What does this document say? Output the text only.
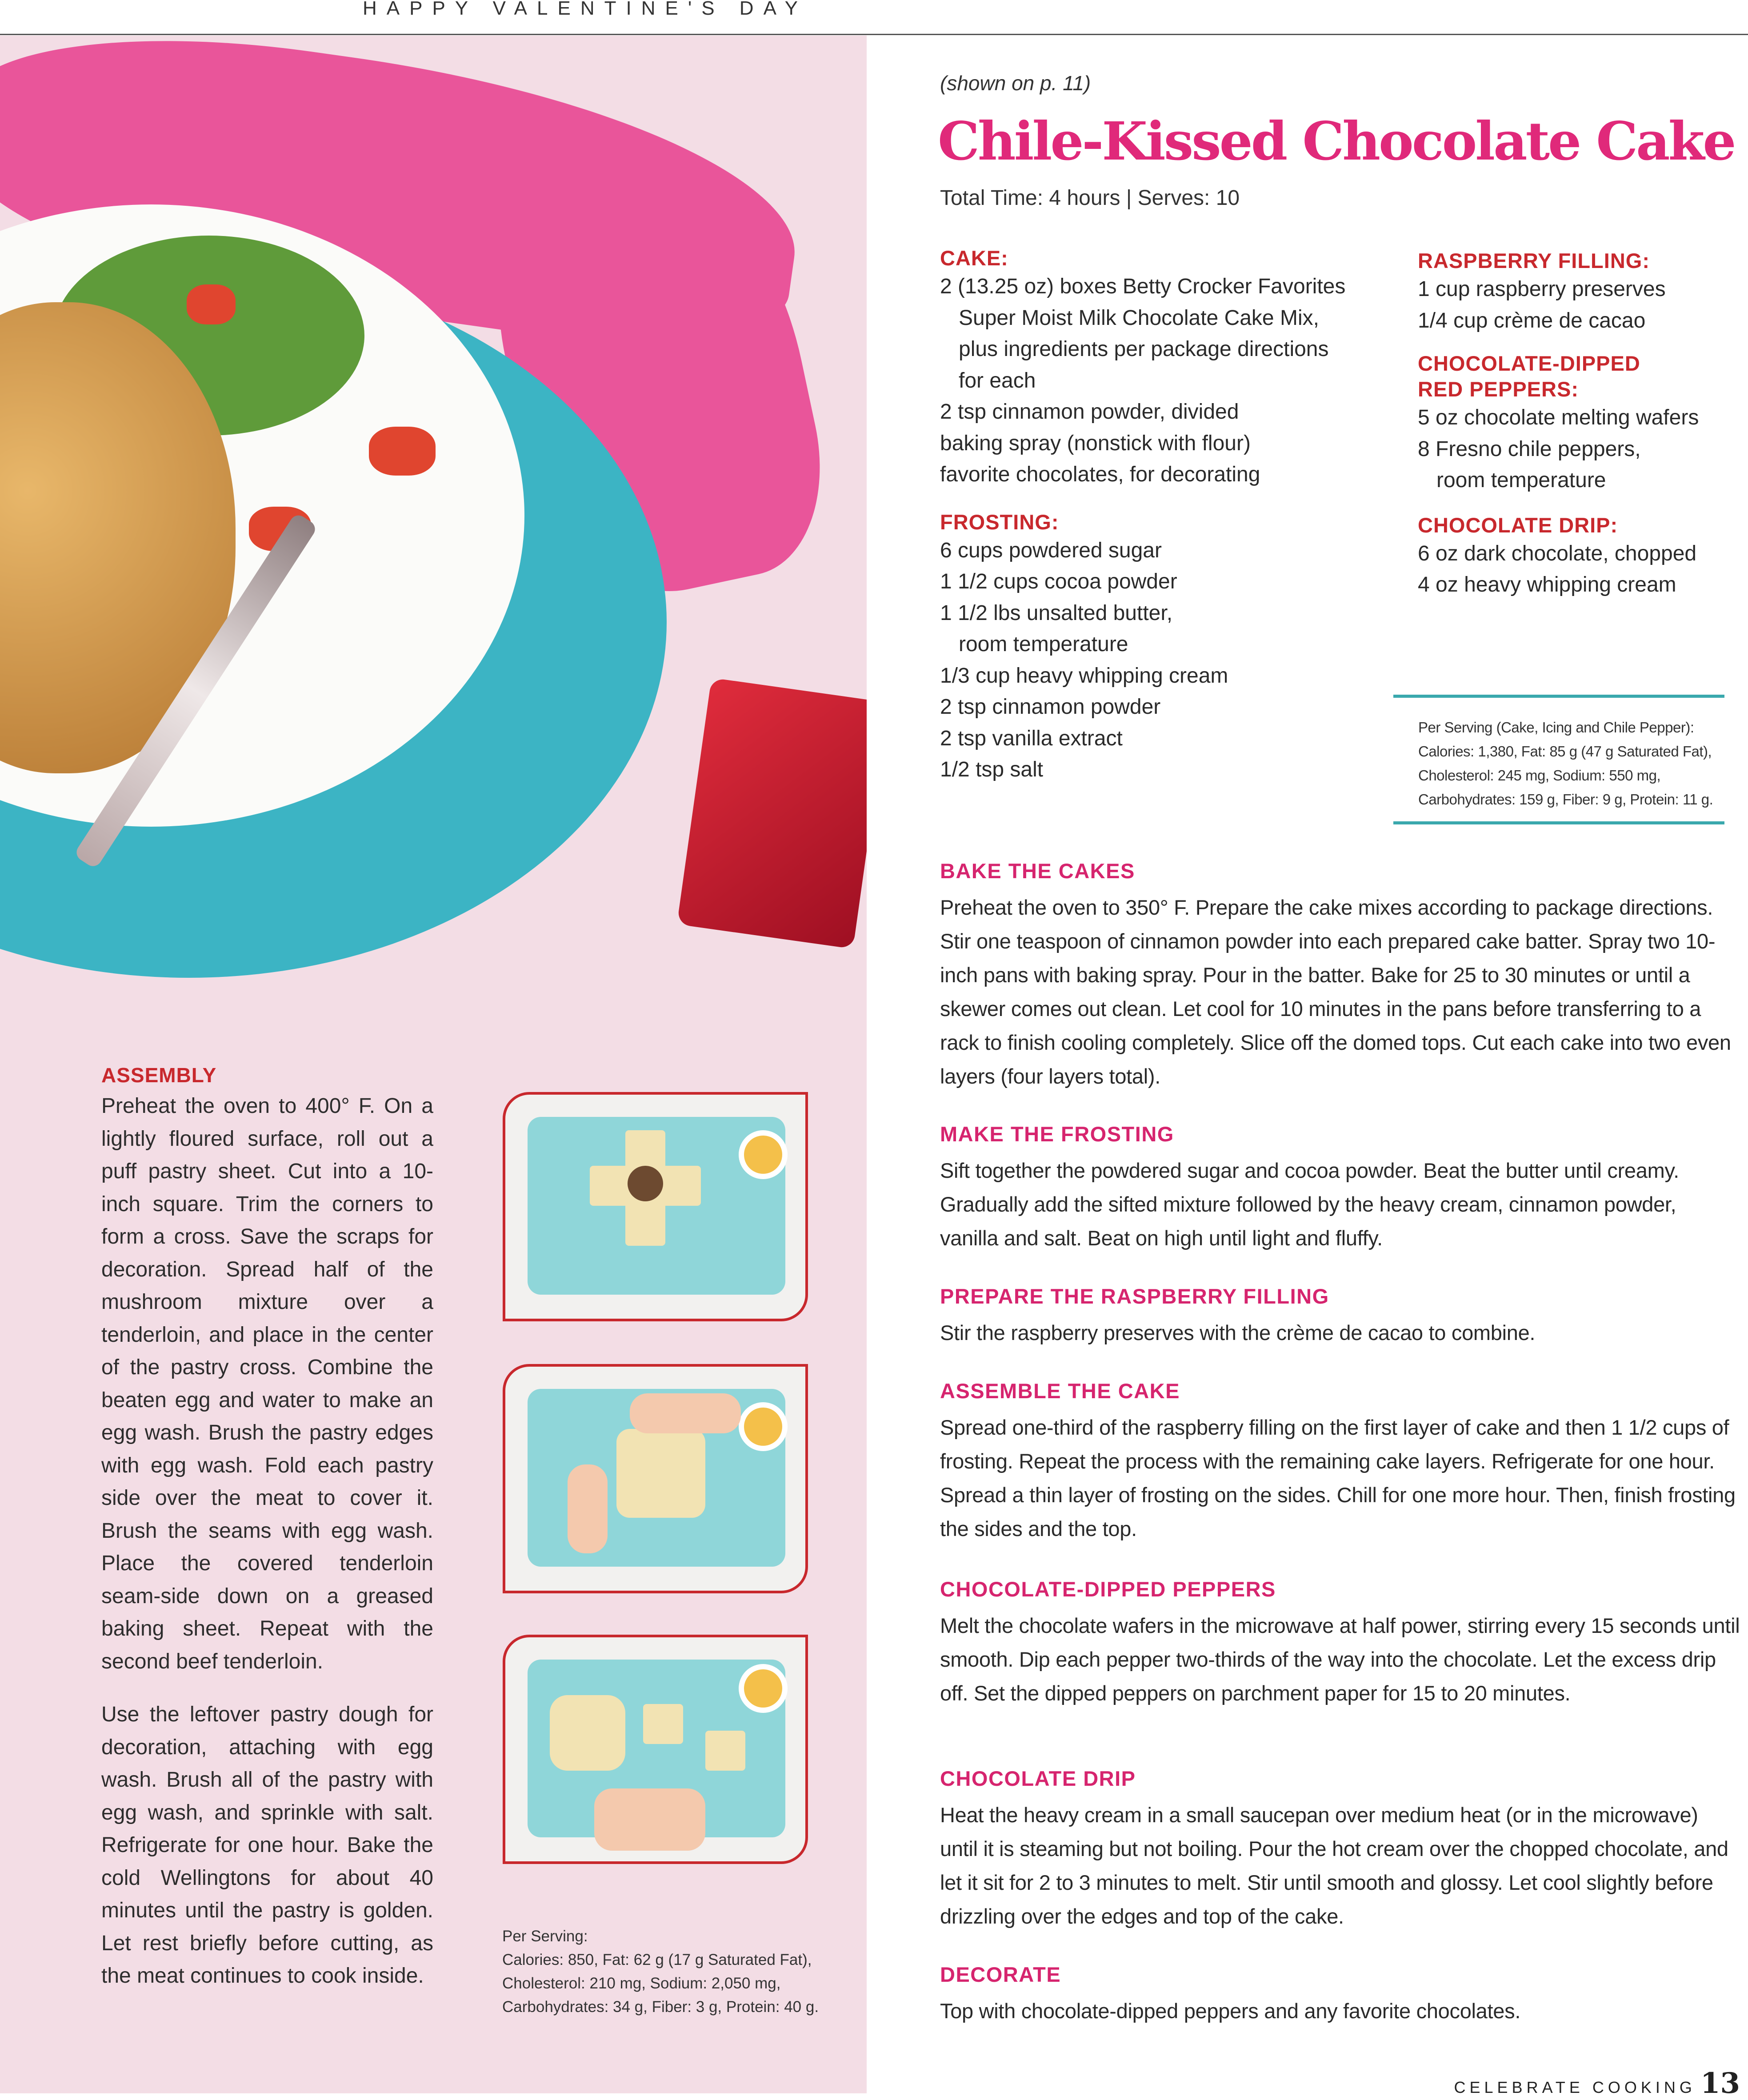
HAPPY VALENTINE'S DAY
ASSEMBLY

Preheat the oven to 400° F. On a lightly floured surface, roll out a puff pastry sheet. Cut into a 10-inch square. Trim the corners to form a cross. Save the scraps for decoration. Spread half of the mushroom mixture over a tenderloin, and place in the center of the pastry cross. Combine the beaten egg and water to make an egg wash. Brush the pastry edges with egg wash. Fold each pastry side over the meat to cover it. Brush the seams with egg wash. Place the covered tenderloin seam-side down on a greased baking sheet. Repeat with the second beef tenderloin.

Use the leftover pastry dough for decoration, attaching with egg wash. Brush all of the pastry with egg wash, and sprinkle with salt. Refrigerate for one hour. Bake the cold Wellingtons for about 40 minutes until the pastry is golden. Let rest briefly before cutting, as the meat continues to cook inside.

Per Serving:
Calories: 850, Fat: 62 g (17 g Saturated Fat),
Cholesterol: 210 mg, Sodium: 2,050 mg,
Carbohydrates: 34 g, Fiber: 3 g, Protein: 40 g.
(shown on p. 11)
Chile-Kissed Chocolate Cake
Total Time: 4 hours | Serves: 10
CAKE:
2 (13.25 oz) boxes Betty Crocker Favorites Super Moist Milk Chocolate Cake Mix, plus ingredients per package directions for each
2 tsp cinnamon powder, divided
baking spray (nonstick with flour)
favorite chocolates, for decorating
FROSTING:
6 cups powdered sugar
1 1/2 cups cocoa powder
1 1/2 lbs unsalted butter, room temperature
1/3 cup heavy whipping cream
2 tsp cinnamon powder
2 tsp vanilla extract
1/2 tsp salt
RASPBERRY FILLING:
1 cup raspberry preserves
1/4 cup crème de cacao
CHOCOLATE-DIPPED RED PEPPERS:
5 oz chocolate melting wafers
8 Fresno chile peppers, room temperature
CHOCOLATE DRIP:
6 oz dark chocolate, chopped
4 oz heavy whipping cream
Per Serving (Cake, Icing and Chile Pepper):
Calories: 1,380, Fat: 85 g (47 g Saturated Fat),
Cholesterol: 245 mg, Sodium: 550 mg,
Carbohydrates: 159 g, Fiber: 9 g, Protein: 11 g.
BAKE THE CAKES

Preheat the oven to 350° F. Prepare the cake mixes according to package directions. Stir one teaspoon of cinnamon powder into each prepared cake batter. Spray two 10-inch pans with baking spray. Pour in the batter. Bake for 25 to 30 minutes or until a skewer comes out clean. Let cool for 10 minutes in the pans before transferring to a rack to finish cooling completely. Slice off the domed tops. Cut each cake into two even layers (four layers total).

MAKE THE FROSTING

Sift together the powdered sugar and cocoa powder. Beat the butter until creamy. Gradually add the sifted mixture followed by the heavy cream, cinnamon powder, vanilla and salt. Beat on high until light and fluffy.

PREPARE THE RASPBERRY FILLING

Stir the raspberry preserves with the crème de cacao to combine.

ASSEMBLE THE CAKE

Spread one-third of the raspberry filling on the first layer of cake and then 1 1/2 cups of frosting. Repeat the process with the remaining cake layers. Refrigerate for one hour. Spread a thin layer of frosting on the sides. Chill for one more hour. Then, finish frosting the sides and the top.

CHOCOLATE-DIPPED PEPPERS

Melt the chocolate wafers in the microwave at half power, stirring every 15 seconds until smooth. Dip each pepper two-thirds of the way into the chocolate. Let the excess drip off. Set the dipped peppers on parchment paper for 15 to 20 minutes.

CHOCOLATE DRIP

Heat the heavy cream in a small saucepan over medium heat (or in the microwave) until it is steaming but not boiling. Pour the hot cream over the chopped chocolate, and let it sit for 2 to 3 minutes to melt. Stir until smooth and glossy. Let cool slightly before drizzling over the edges and top of the cake.

DECORATE

Top with chocolate-dipped peppers and any favorite chocolates.

CELEBRATE COOKING 13
